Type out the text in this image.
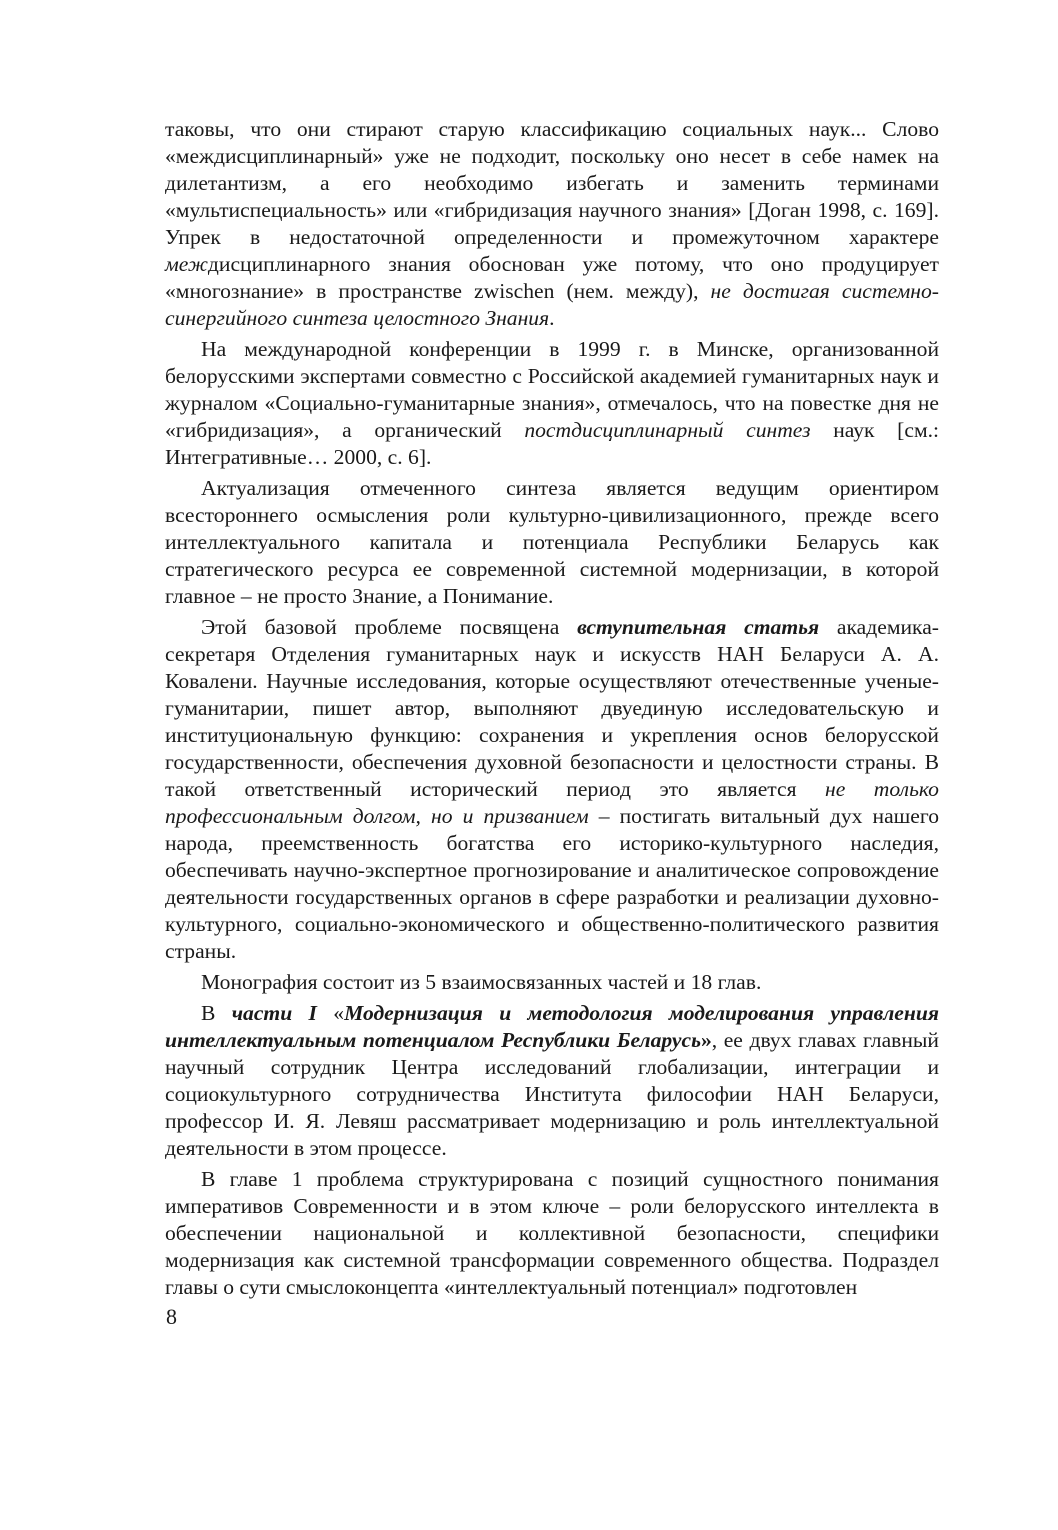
таковы, что они стирают старую классификацию социальных наук... Слово «междисциплинарный» уже не подходит, поскольку оно несет в себе намек на дилетантизм, а его необходимо избегать и заменить терминами «мультиспециальность» или «гибридизация научного знания» [Доган 1998, с. 169]. Упрек в недостаточной определенности и промежуточном характере междисциплинарного знания обоснован уже потому, что оно продуцирует «многознание» в пространстве zwischen (нем. между), не достигая системно-синергийного синтеза целостного Знания.

На международной конференции в 1999 г. в Минске, организованной белорусскими экспертами совместно с Российской академией гуманитарных наук и журналом «Социально-гуманитарные знания», отмечалось, что на повестке дня не «гибридизация», а органический постдисциплинарный синтез наук [см.: Интегративные… 2000, с. 6].

Актуализация отмеченного синтеза является ведущим ориентиром всестороннего осмысления роли культурно-цивилизационного, прежде всего интеллектуального капитала и потенциала Республики Беларусь как стратегического ресурса ее современной системной модернизации, в которой главное – не просто Знание, а Понимание.

Этой базовой проблеме посвящена вступительная статья академика-секретаря Отделения гуманитарных наук и искусств НАН Беларуси А. А. Ковалени. Научные исследования, которые осуществляют отечественные ученые-гуманитарии, пишет автор, выполняют двуединую исследовательскую и институциональную функцию: сохранения и укрепления основ белорусской государственности, обеспечения духовной безопасности и целостности страны. В такой ответственный исторический период это является не только профессиональным долгом, но и призванием – постигать витальный дух нашего народа, преемственность богатства его историко-культурного наследия, обеспечивать научно-экспертное прогнозирование и аналитическое сопровождение деятельности государственных органов в сфере разработки и реализации духовно-культурного, социально-экономического и общественно-политического развития страны.

Монография состоит из 5 взаимосвязанных частей и 18 глав.

В части I «Модернизация и методология моделирования управления интеллектуальным потенциалом Республики Беларусь», ее двух главах главный научный сотрудник Центра исследований глобализации, интеграции и социокультурного сотрудничества Института философии НАН Беларуси, профессор И. Я. Левяш рассматривает модернизацию и роль интеллектуальной деятельности в этом процессе.

В главе 1 проблема структурирована с позиций сущностного понимания императивов Современности и в этом ключе – роли белорусского интеллекта в обеспечении национальной и коллективной безопасности, специфики модернизация как системной трансформации современного общества. Подраздел главы о сути смыслоконцепта «интеллектуальный потенциал» подготовлен

8
